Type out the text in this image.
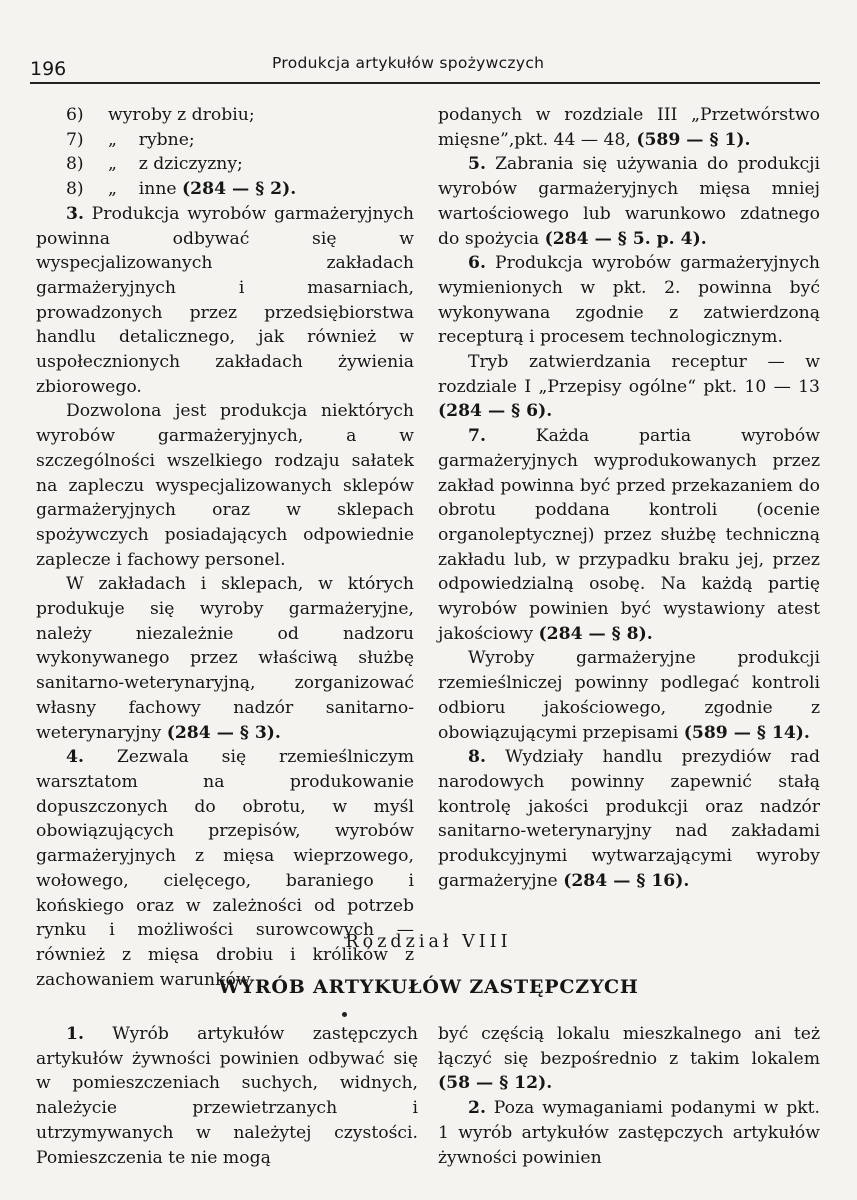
196	Produkcja artykułów spożywczych
6)	wyroby z drobiu;
7)	„    rybne;
8)	„    z dziczyzny;
8)	„    inne (284 — § 2).

3. Produkcja wyrobów garmażeryjnych powinna odbywać się w wyspecjalizowanych zakładach garmażeryjnych i masarniach, prowadzonych przez przedsiębiorstwa handlu detalicznego, jak również w uspołecznionych zakładach żywienia zbiorowego.

Dozwolona jest produkcja niektórych wyrobów garmażeryjnych, a w szczególności wszelkiego rodzaju sałatek na zapleczu wyspecjalizowanych sklepów garmażeryjnych oraz w sklepach spożywczych posiadających odpowiednie zaplecze i fachowy personel.

W zakładach i sklepach, w których produkuje się wyroby garmażeryjne, należy niezależnie od nadzoru wykonywanego przez właściwą służbę sanitarno-weterynaryjną, zorganizować własny fachowy nadzór sanitarno-weterynaryjny (284 — § 3).

4. Zezwala się rzemieślniczym warsztatom na produkowanie dopuszczonych do obrotu, w myśl obowiązujących przepisów, wyrobów garmażeryjnych z mięsa wieprzowego, wołowego, cielęcego, baraniego i końskiego oraz w zależności od potrzeb rynku i możliwości surowcowych — również z mięsa drobiu i królików z zachowaniem warunków

podanych w rozdziale III „Przetwórstwo mięsne”,pkt. 44 — 48, (589 — § 1).

5. Zabrania się używania do produkcji wyrobów garmażeryjnych mięsa mniej wartościowego lub warunkowo zdatnego do spożycia (284 — § 5. p. 4).

6. Produkcja wyrobów garmażeryjnych wymienionych w pkt. 2. powinna być wykonywana zgodnie z zatwierdzoną recepturą i procesem technologicznym.

Tryb zatwierdzania receptur — w rozdziale I „Przepisy ogólne“ pkt. 10 — 13 (284 — § 6).

7. Każda partia wyrobów garmażeryjnych wyprodukowanych przez zakład powinna być przed przekazaniem do obrotu poddana kontroli (ocenie organoleptycznej) przez służbę techniczną zakładu lub, w przypadku braku jej, przez odpowiedzialną osobę. Na każdą partię wyrobów powinien być wystawiony atest jakościowy (284 — § 8).

Wyroby garmażeryjne produkcji rzemieślniczej powinny podlegać kontroli odbioru jakościowego, zgodnie z obowiązującymi przepisami (589 — § 14).

8. Wydziały handlu prezydiów rad narodowych powinny zapewnić stałą kontrolę jakości produkcji oraz nadzór sanitarno-weterynaryjny nad zakładami produkcyjnymi wytwarzającymi wyroby garmażeryjne (284 — § 16).

Rozdział VIII
WYRÓB ARTYKUŁÓW ZASTĘPCZYCH

1. Wyrób artykułów zastępczych artykułów żywności powinien odbywać się w pomieszczeniach suchych, widnych, należycie przewietrzanych i utrzymywanych w należytej czystości. Pomieszczenia te nie mogą

być częścią lokalu mieszkalnego ani też łączyć się bezpośrednio z takim lokalem (58 — § 12).

2. Poza wymaganiami podanymi w pkt. 1 wyrób artykułów zastępczych artykułów żywności powinien
